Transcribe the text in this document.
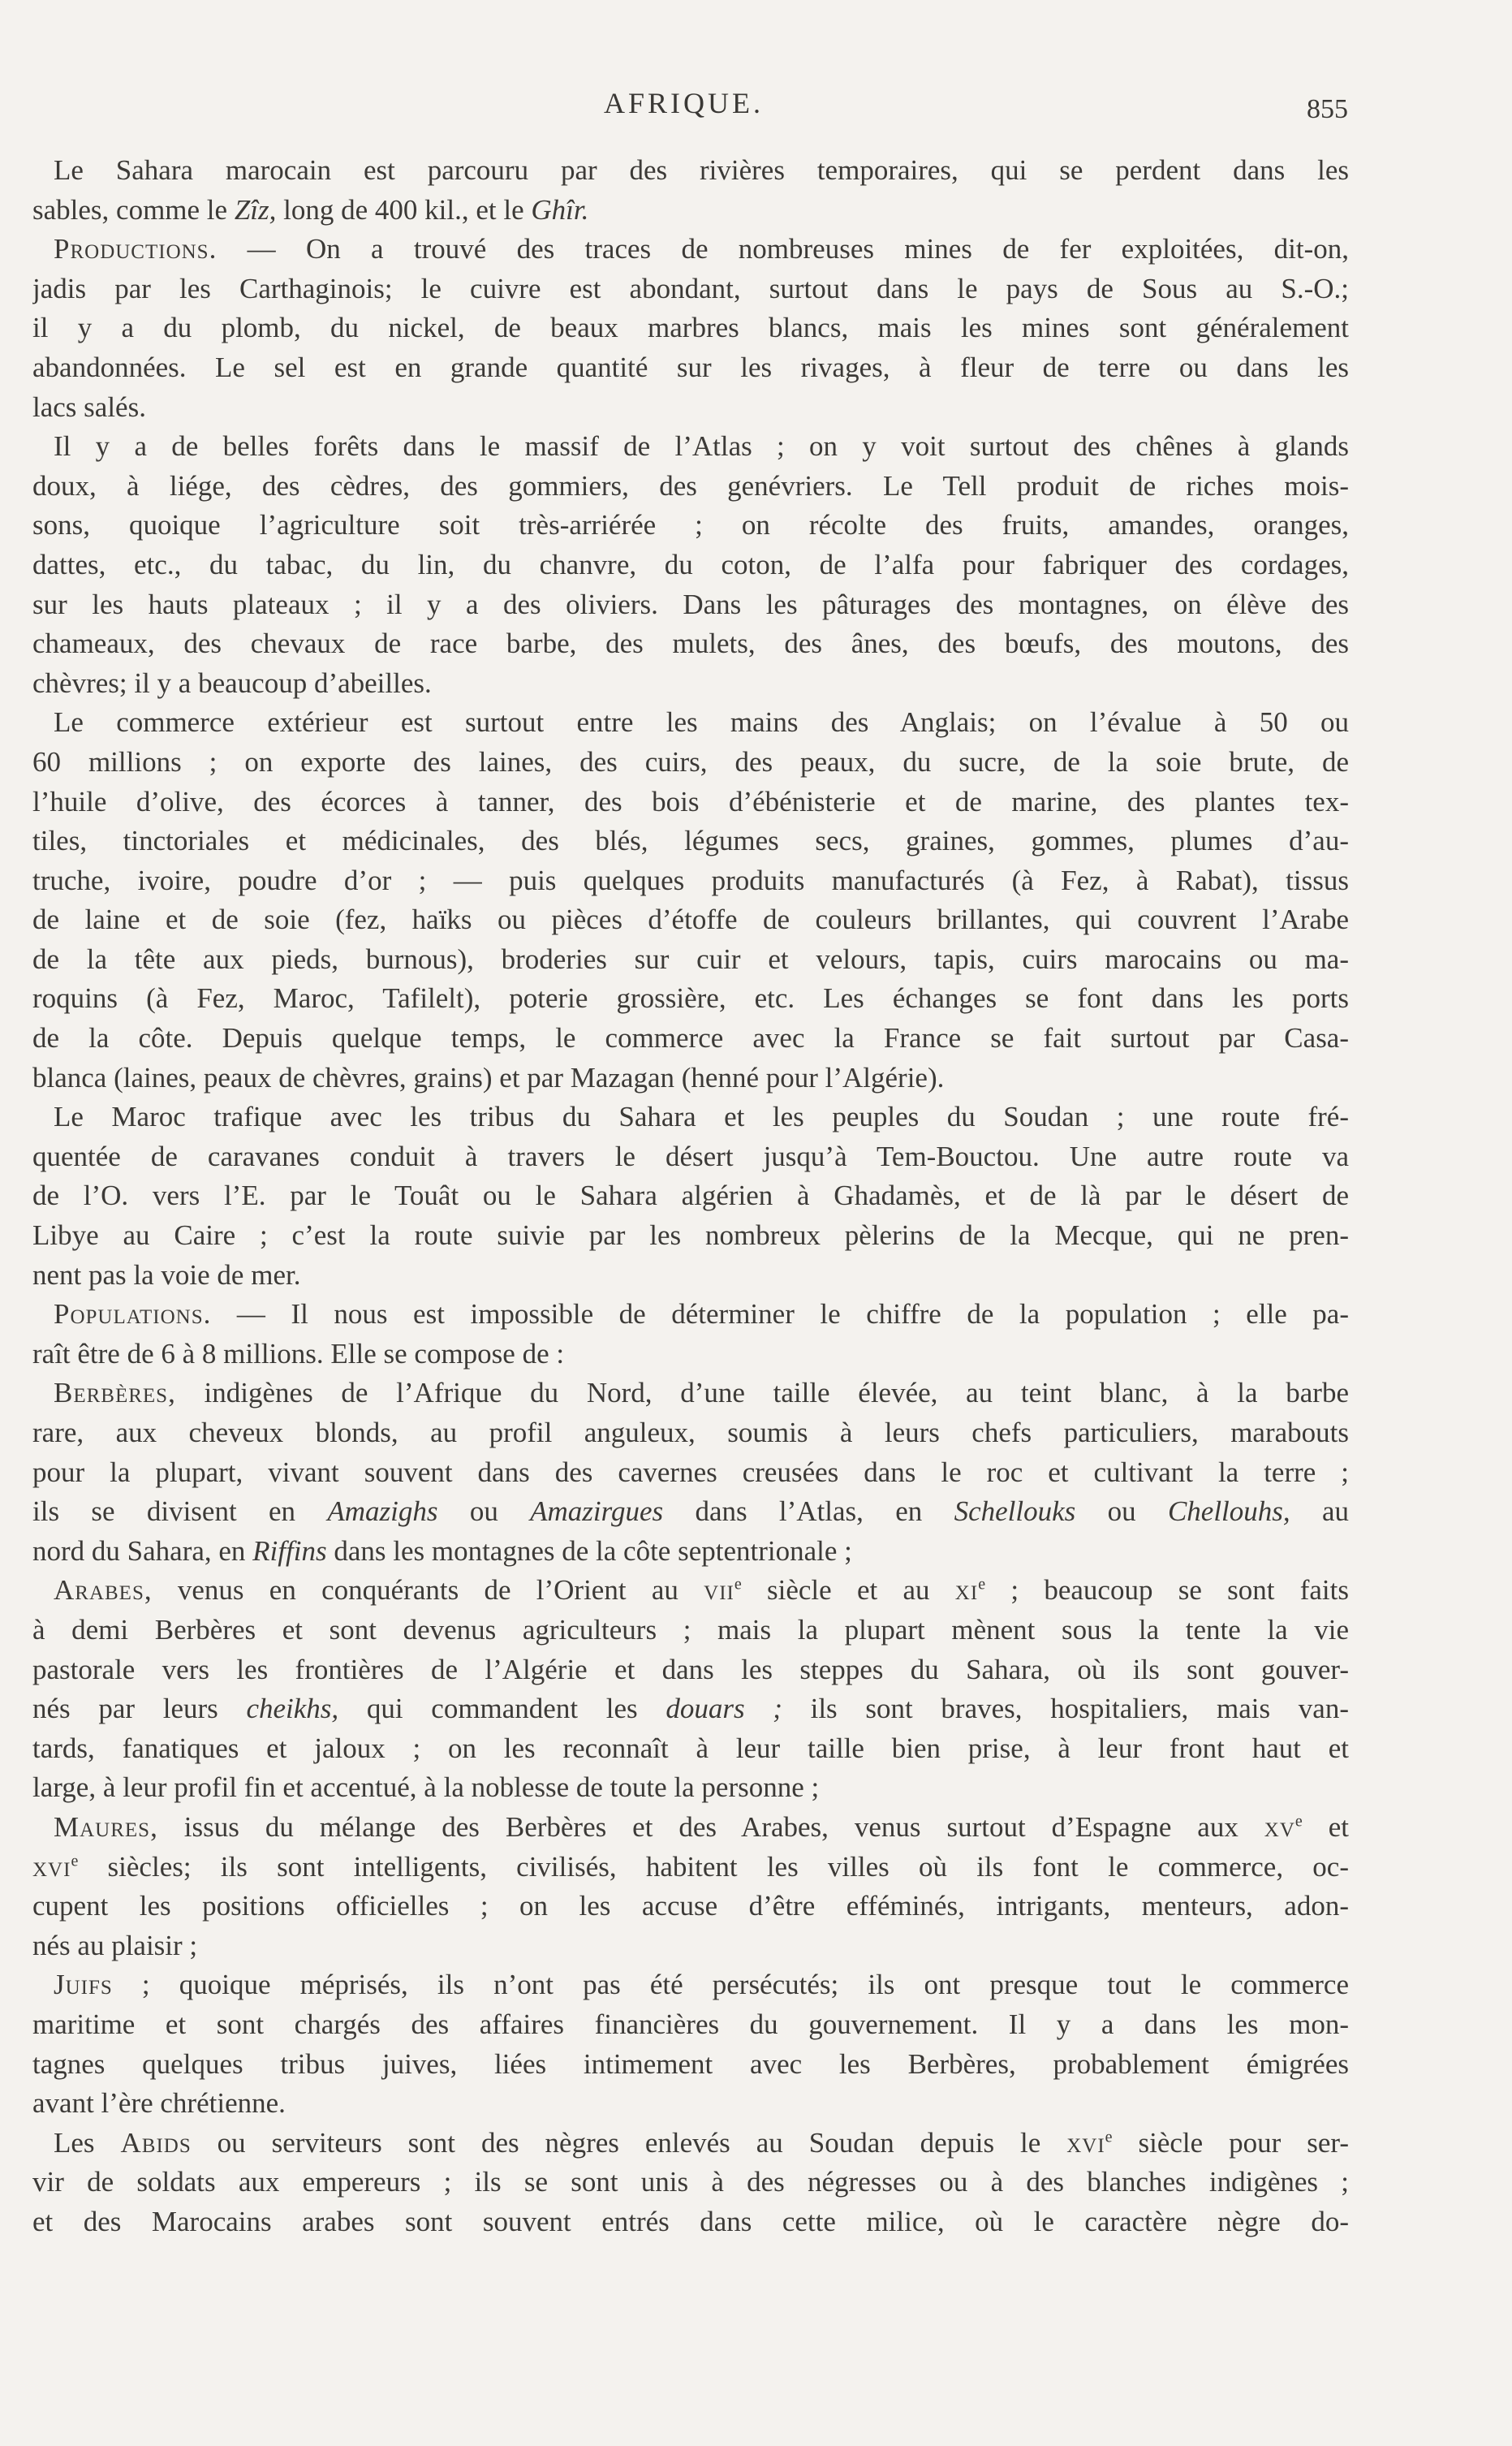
AFRIQUE.	855
Le Sahara marocain est parcouru par des rivières temporaires, qui se perdent dans les
sables, comme le Zîz, long de 400 kil., et le Ghîr.
Productions. — On a trouvé des traces de nombreuses mines de fer exploitées, dit-on,
jadis par les Carthaginois; le cuivre est abondant, surtout dans le pays de Sous au S.-O.;
il y a du plomb, du nickel, de beaux marbres blancs, mais les mines sont généralement
abandonnées. Le sel est en grande quantité sur les rivages, à fleur de terre ou dans les
lacs salés.
Il y a de belles forêts dans le massif de l’Atlas ; on y voit surtout des chênes à glands
doux, à liége, des cèdres, des gommiers, des genévriers. Le Tell produit de riches mois-
sons, quoique l’agriculture soit très-arriérée ; on récolte des fruits, amandes, oranges,
dattes, etc., du tabac, du lin, du chanvre, du coton, de l’alfa pour fabriquer des cordages,
sur les hauts plateaux ; il y a des oliviers. Dans les pâturages des montagnes, on élève des
chameaux, des chevaux de race barbe, des mulets, des ânes, des bœufs, des moutons, des
chèvres; il y a beaucoup d’abeilles.
Le commerce extérieur est surtout entre les mains des Anglais; on l’évalue à 50 ou
60 millions ; on exporte des laines, des cuirs, des peaux, du sucre, de la soie brute, de
l’huile d’olive, des écorces à tanner, des bois d’ébénisterie et de marine, des plantes tex-
tiles, tinctoriales et médicinales, des blés, légumes secs, graines, gommes, plumes d’au-
truche, ivoire, poudre d’or ; — puis quelques produits manufacturés (à Fez, à Rabat), tissus
de laine et de soie (fez, haïks ou pièces d’étoffe de couleurs brillantes, qui couvrent l’Arabe
de la tête aux pieds, burnous), broderies sur cuir et velours, tapis, cuirs marocains ou ma-
roquins (à Fez, Maroc, Tafilelt), poterie grossière, etc. Les échanges se font dans les ports
de la côte. Depuis quelque temps, le commerce avec la France se fait surtout par Casa-
blanca (laines, peaux de chèvres, grains) et par Mazagan (henné pour l’Algérie).
Le Maroc trafique avec les tribus du Sahara et les peuples du Soudan ; une route fré-
quentée de caravanes conduit à travers le désert jusqu’à Tem-Bouctou. Une autre route va
de l’O. vers l’E. par le Touât ou le Sahara algérien à Ghadamès, et de là par le désert de
Libye au Caire ; c’est la route suivie par les nombreux pèlerins de la Mecque, qui ne pren-
nent pas la voie de mer.
Populations. — Il nous est impossible de déterminer le chiffre de la population ; elle pa-
raît être de 6 à 8 millions. Elle se compose de :
Berbères, indigènes de l’Afrique du Nord, d’une taille élevée, au teint blanc, à la barbe
rare, aux cheveux blonds, au profil anguleux, soumis à leurs chefs particuliers, marabouts
pour la plupart, vivant souvent dans des cavernes creusées dans le roc et cultivant la terre ;
ils se divisent en Amazighs ou Amazirgues dans l’Atlas, en Schellouks ou Chellouhs, au
nord du Sahara, en Riffins dans les montagnes de la côte septentrionale ;
Arabes, venus en conquérants de l’Orient au vii$^e$ siècle et au $xi^e$ ; beaucoup se sont faits
à demi Berbères et sont devenus agriculteurs ; mais la plupart mènent sous la tente la vie
pastorale vers les frontières de l’Algérie et dans les steppes du Sahara, où ils sont gouver-
nés par leurs cheikhs, qui commandent les douars ; ils sont braves, hospitaliers, mais van-
tards, fanatiques et jaloux ; on les reconnaît à leur taille bien prise, à leur front haut et
large, à leur profil fin et accentué, à la noblesse de toute la personne ;
Maures, issus du mélange des Berbères et des Arabes, venus surtout d’Espagne aux $xv^e$ et
xvi$^e$ siècles; ils sont intelligents, civilisés, habitent les villes où ils font le commerce, oc-
cupent les positions officielles ; on les accuse d’être efféminés, intrigants, menteurs, adon-
nés au plaisir ;
Juifs ; quoique méprisés, ils n’ont pas été persécutés; ils ont presque tout le commerce
maritime et sont chargés des affaires financières du gouvernement. Il y a dans les mon-
tagnes quelques tribus juives, liées intimement avec les Berbères, probablement émigrées
avant l’ère chrétienne.
Les Abids ou serviteurs sont des nègres enlevés au Soudan depuis le xvi$^e$ siècle pour ser-
vir de soldats aux empereurs ; ils se sont unis à des négresses ou à des blanches indigènes ;
et des Marocains arabes sont souvent entrés dans cette milice, où le caractère nègre do-
